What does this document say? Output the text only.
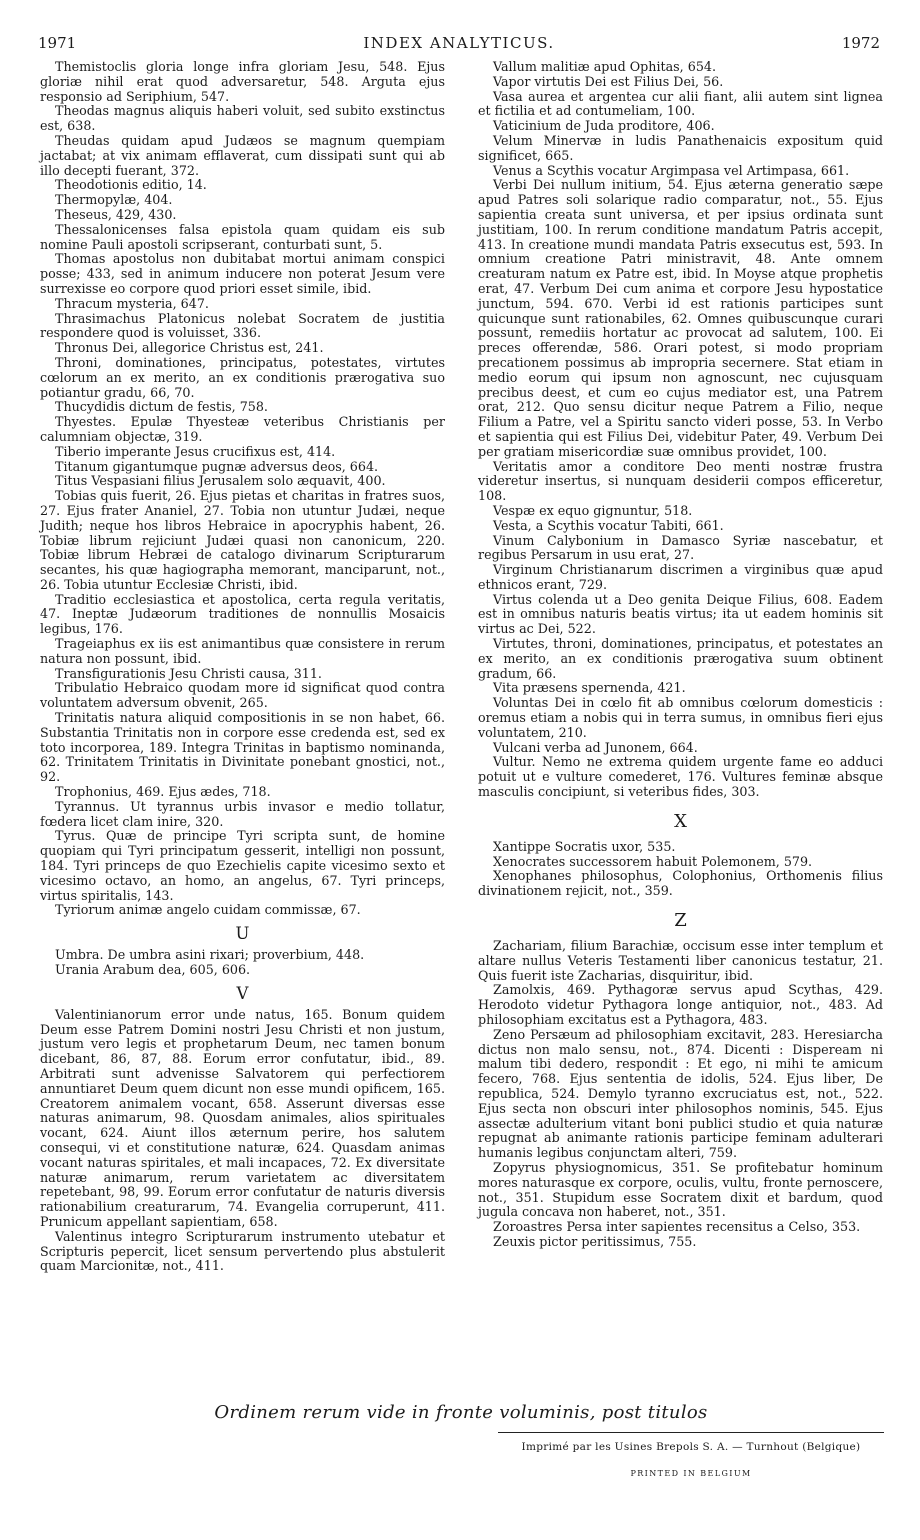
1971	INDEX ANALYTICUS.	1972

Themistoclis gloria longe infra gloriam Jesu, 548. Ejus gloriæ nihil erat quod adversaretur, 548. Arguta ejus responsio ad Seriphium, 547.

Theodas magnus aliquis haberi voluit, sed subito exstinctus est, 638.

Theudas quidam apud Judæos se magnum quempiam jactabat; at vix animam efflaverat, cum dissipati sunt qui ab illo decepti fuerant, 372.

Theodotionis editio, 14.

Thermopylæ, 404.

Theseus, 429, 430.

Thessalonicenses falsa epistola quam quidam eis sub nomine Pauli apostoli scripserant, conturbati sunt, 5.

Thomas apostolus non dubitabat mortui animam conspici posse; 433, sed in animum inducere non poterat Jesum vere surrexisse eo corpore quod priori esset simile, ibid.

Thracum mysteria, 647.

Thrasimachus Platonicus nolebat Socratem de justitia respondere quod is voluisset, 336.

Thronus Dei, allegorice Christus est, 241.

Throni, dominationes, principatus, potestates, virtutes cœlorum an ex merito, an ex conditionis prærogativa suo potiantur gradu, 66, 70.

Thucydidis dictum de festis, 758.

Thyestes. Epulæ Thyesteæ veteribus Christianis per calumniam objectæ, 319.

Tiberio imperante Jesus crucifixus est, 414.

Titanum gigantumque pugnæ adversus deos, 664.

Titus Vespasiani filius Jerusalem solo æquavit, 400.

Tobias quis fuerit, 26. Ejus pietas et charitas in fratres suos, 27. Ejus frater Ananiel, 27. Tobia non utuntur Judæi, neque Judith; neque hos libros Hebraice in apocryphis habent, 26. Tobiæ librum rejiciunt Judæi quasi non canonicum, 220. Tobiæ librum Hebræi de catalogo divinarum Scripturarum secantes, his quæ hagiographa memorant, manciparunt, not., 26. Tobia utuntur Ecclesiæ Christi, ibid.

Traditio ecclesiastica et apostolica, certa regula veritatis, 47. Ineptæ Judæorum traditiones de nonnullis Mosaicis legibus, 176.

Trageiaphus ex iis est animantibus quæ consistere in rerum natura non possunt, ibid.

Transfigurationis Jesu Christi causa, 311.

Tribulatio Hebraico quodam more id significat quod contra voluntatem adversum obvenit, 265.

Trinitatis natura aliquid compositionis in se non habet, 66. Substantia Trinitatis non in corpore esse credenda est, sed ex toto incorporea, 189. Integra Trinitas in baptismo nominanda, 62. Trinitatem Trinitatis in Divinitate ponebant gnostici, not., 92.

Trophonius, 469. Ejus ædes, 718.

Tyrannus. Ut tyrannus urbis invasor e medio tollatur, fœdera licet clam inire, 320.

Tyrus. Quæ de principe Tyri scripta sunt, de homine quopiam qui Tyri principatum gesserit, intelligi non possunt, 184. Tyri princeps de quo Ezechielis capite vicesimo sexto et vicesimo octavo, an homo, an angelus, 67. Tyri princeps, virtus spiritalis, 143.

Tyriorum animæ angelo cuidam commissæ, 67.

U

Umbra. De umbra asini rixari; proverbium, 448.

Urania Arabum dea, 605, 606.

V

Valentinianorum error unde natus, 165. Bonum quidem Deum esse Patrem Domini nostri Jesu Christi et non justum, justum vero legis et prophetarum Deum, nec tamen bonum dicebant, 86, 87, 88. Eorum error confutatur, ibid., 89. Arbitrati sunt advenisse Salvatorem qui perfectiorem annuntiaret Deum quem dicunt non esse mundi opificem, 165. Creatorem animalem vocant, 658. Asserunt diversas esse naturas animarum, 98. Quosdam animales, alios spirituales vocant, 624. Aiunt illos æternum perire, hos salutem consequi, vi et constitutione naturæ, 624. Quasdam animas vocant naturas spiritales, et mali incapaces, 72. Ex diversitate naturæ animarum, rerum varietatem ac diversitatem repetebant, 98, 99. Eorum error confutatur de naturis diversis rationabilium creaturarum, 74. Evangelia corruperunt, 411. Prunicum appellant sapientiam, 658.

Valentinus integro Scripturarum instrumento utebatur et Scripturis pepercit, licet sensum pervertendo plus abstulerit quam Marcionitæ, not., 411.

Vallum malitiæ apud Ophitas, 654.

Vapor virtutis Dei est Filius Dei, 56.

Vasa aurea et argentea cur alii fiant, alii autem sint lignea et fictilia et ad contumeliam, 100.

Vaticinium de Juda proditore, 406.

Velum Minervæ in ludis Panathenaicis expositum quid significet, 665.

Venus a Scythis vocatur Argimpasa vel Artimpasa, 661.

Verbi Dei nullum initium, 54. Ejus æterna generatio sæpe apud Patres soli solarique radio comparatur, not., 55. Ejus sapientia creata sunt universa, et per ipsius ordinata sunt justitiam, 100. In rerum conditione mandatum Patris accepit, 413. In creatione mundi mandata Patris exsecutus est, 593. In omnium creatione Patri ministravit, 48. Ante omnem creaturam natum ex Patre est, ibid. In Moyse atque prophetis erat, 47. Verbum Dei cum anima et corpore Jesu hypostatice junctum, 594. 670. Verbi id est rationis participes sunt quicunque sunt rationabiles, 62. Omnes quibuscunque curari possunt, remediis hortatur ac provocat ad salutem, 100. Ei preces offerendæ, 586. Orari potest, si modo propriam precationem possimus ab impropria secernere. Stat etiam in medio eorum qui ipsum non agnoscunt, nec cujusquam precibus deest, et cum eo cujus mediator est, una Patrem orat, 212. Quo sensu dicitur neque Patrem a Filio, neque Filium a Patre, vel a Spiritu sancto videri posse, 53. In Verbo et sapientia qui est Filius Dei, videbitur Pater, 49. Verbum Dei per gratiam misericordiæ suæ omnibus providet, 100.

Veritatis amor a conditore Deo menti nostræ frustra videretur insertus, si nunquam desiderii compos efficeretur, 108.

Vespæ ex equo gignuntur, 518.

Vesta, a Scythis vocatur Tabiti, 661.

Vinum Calybonium in Damasco Syriæ nascebatur, et regibus Persarum in usu erat, 27.

Virginum Christianarum discrimen a virginibus quæ apud ethnicos erant, 729.

Virtus colenda ut a Deo genita Deique Filius, 608. Eadem est in omnibus naturis beatis virtus; ita ut eadem hominis sit virtus ac Dei, 522.

Virtutes, throni, dominationes, principatus, et potestates an ex merito, an ex conditionis prærogativa suum obtinent gradum, 66.

Vita præsens spernenda, 421.

Voluntas Dei in cœlo fit ab omnibus cœlorum domesticis : oremus etiam a nobis qui in terra sumus, in omnibus fieri ejus voluntatem, 210.

Vulcani verba ad Junonem, 664.

Vultur. Nemo ne extrema quidem urgente fame eo adduci potuit ut e vulture comederet, 176. Vultures feminæ absque masculis concipiunt, si veteribus fides, 303.

X

Xantippe Socratis uxor, 535.

Xenocrates successorem habuit Polemonem, 579.

Xenophanes philosophus, Colophonius, Orthomenis filius divinationem rejicit, not., 359.

Z

Zachariam, filium Barachiæ, occisum esse inter templum et altare nullus Veteris Testamenti liber canonicus testatur, 21. Quis fuerit iste Zacharias, disquiritur, ibid.

Zamolxis, 469. Pythagoræ servus apud Scythas, 429. Herodoto videtur Pythagora longe antiquior, not., 483. Ad philosophiam excitatus est a Pythagora, 483.

Zeno Persæum ad philosophiam excitavit, 283. Heresiarcha dictus non malo sensu, not., 874. Dicenti : Dispeream ni malum tibi dedero, respondit : Et ego, ni mihi te amicum fecero, 768. Ejus sententia de idolis, 524. Ejus liber, De republica, 524. Demylo tyranno excruciatus est, not., 522. Ejus secta non obscuri inter philosophos nominis, 545. Ejus assectæ adulterium vitant boni publici studio et quia naturæ repugnat ab animante rationis participe feminam adulterari humanis legibus conjunctam alteri, 759.

Zopyrus physiognomicus, 351. Se profitebatur hominum mores naturasque ex corpore, oculis, vultu, fronte pernoscere, not., 351. Stupidum esse Socratem dixit et bardum, quod jugula concava non haberet, not., 351.

Zoroastres Persa inter sapientes recensitus a Celso, 353.

Zeuxis pictor peritissimus, 755.

Ordinem rerum vide in fronte voluminis, post titulos
Imprimé par les Usines Brepols S. A. — Turnhout (Belgique)
PRINTED IN BELGIUM
